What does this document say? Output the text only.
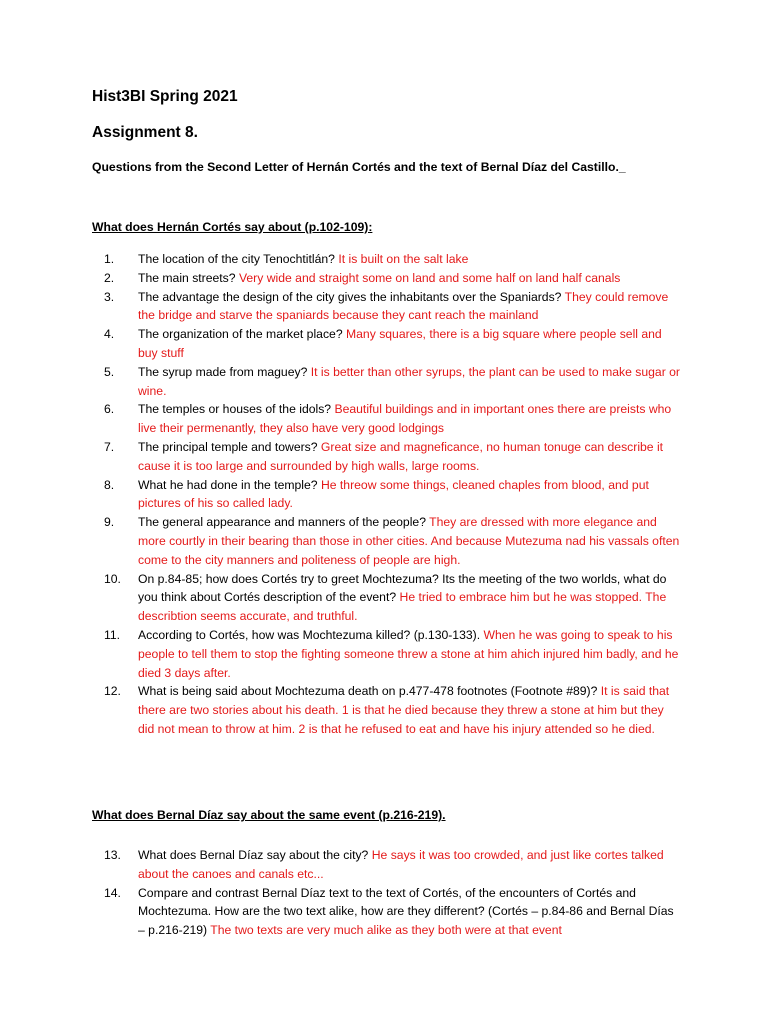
Hist3BI Spring 2021
Assignment 8.
Questions from the Second Letter of Hernán Cortés and the text of Bernal Díaz del Castillo._
What does Hernán Cortés say about (p.102-109):
1. The location of the city Tenochtitlán? It is built on the salt lake
2. The main streets? Very wide and straight some on land and some half on land half canals
3. The advantage the design of the city gives the inhabitants over the Spaniards? They could remove the bridge and starve the spaniards because they cant reach the mainland
4. The organization of the market place? Many squares, there is a big square where people sell and buy stuff
5. The syrup made from maguey? It is better than other syrups, the plant can be used to make sugar or wine.
6. The temples or houses of the idols? Beautiful buildings and in important ones there are preists who live their permenantly, they also have very good lodgings
7. The principal temple and towers? Great size and magneficance, no human tonuge can describe it cause it is too large and surrounded by high walls, large rooms.
8. What he had done in the temple? He threow some things, cleaned chaples from blood, and put pictures of his so called lady.
9. The general appearance and manners of the people? They are dressed with more elegance and more courtly in their bearing than those in other cities. And because Mutezuma nad his vassals often come to the city manners and politeness of people are high.
10. On p.84-85; how does Cortés try to greet Mochtezuma? Its the meeting of the two worlds, what do you think about Cortés description of the event? He tried to embrace him but he was stopped. The describtion seems accurate, and truthful.
11. According to Cortés, how was Mochtezuma killed? (p.130-133). When he was going to speak to his people to tell them to stop the fighting someone threw a stone at him ahich injured him badly, and he died 3 days after.
12. What is being said about Mochtezuma death on p.477-478 footnotes (Footnote #89)? It is said that there are two stories about his death. 1 is that he died because they threw a stone at him but they did not mean to throw at him. 2 is that he refused to eat and have his injury attended so he died.
What does Bernal Díaz say about the same event (p.216-219).
13. What does Bernal Díaz say about the city? He says it was too crowded, and just like cortes talked about the canoes and canals etc...
14. Compare and contrast Bernal Díaz text to the text of Cortés, of the encounters of Cortés and Mochtezuma. How are the two text alike, how are they different? (Cortés – p.84-86 and Bernal Días – p.216-219) The two texts are very much alike as they both were at that event
